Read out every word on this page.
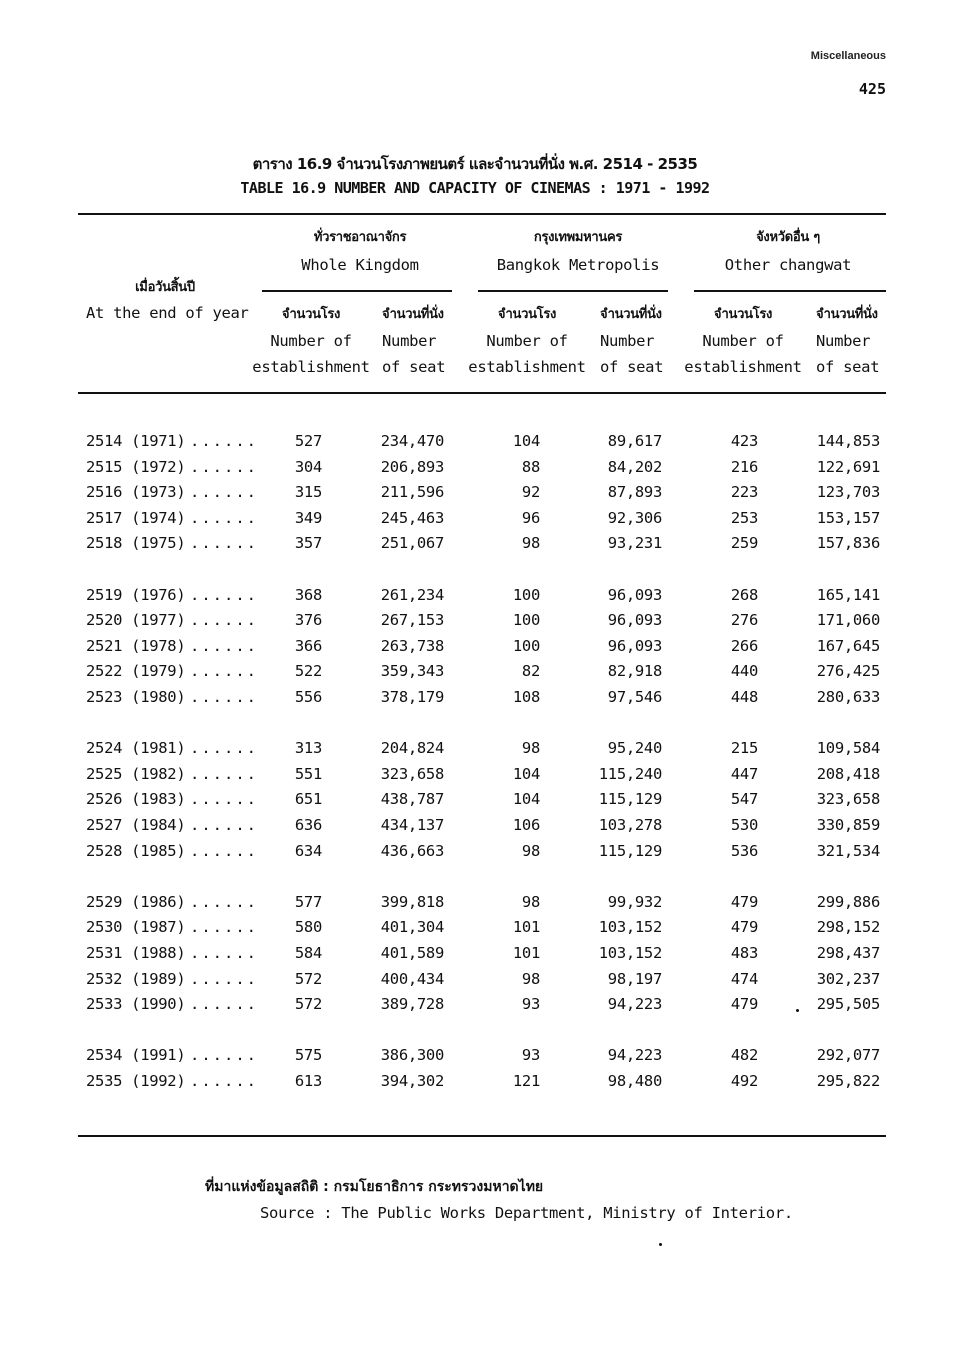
Miscellaneous
425
ตาราง 16.9 จำนวนโรงภาพยนตร์ และจำนวนที่นั่ง พ.ศ. 2514 - 2535
TABLE 16.9 NUMBER AND CAPACITY OF CINEMAS : 1971 - 1992
ทั่วราชอาณาจักร
Whole Kingdom
กรุงเทพมหานคร
Bangkok Metropolis
จังหวัดอื่น ๆ
Other changwat
เมื่อวันสิ้นปี
At the end of year	จำนวนโรง
Number of
establishment
จำนวนที่นั่ง
Number
of seat
จำนวนโรง
Number of
establishment
จำนวนที่นั่ง
Number
of seat
จำนวนโรง
Number of
establishment
จำนวนที่นั่ง
Number
of seat
2514 (1971) ...... 527	234,470	104	89,617	423	144,853
2515 (1972) ...... 304	206,893	88	84,202	216	122,691
2516 (1973) ...... 315	211,596	92	87,893	223	123,703
2517 (1974) ...... 349	245,463	96	92,306	253	153,157
2518 (1975) ...... 357	251,067	98	93,231	259	157,836
2519 (1976) ...... 368	261,234	100	96,093	268	165,141
2520 (1977) ...... 376	267,153	100	96,093	276	171,060
2521 (1978) ...... 366	263,738	100	96,093	266	167,645
2522 (1979) ...... 522	359,343	82	82,918	440	276,425
2523 (1980) ...... 556	378,179	108	97,546	448	280,633
2524 (1981) ...... 313	204,824	98	95,240	215	109,584
2525 (1982) ...... 551	323,658	104	115,240	447	208,418
2526 (1983) ...... 651	438,787	104	115,129	547	323,658
2527 (1984) ...... 636	434,137	106	103,278	530	330,859
2528 (1985) ...... 634	436,663	98	115,129	536	321,534
2529 (1986) ...... 577	399,818	98	99,932	479	299,886
2530 (1987) ...... 580	401,304	101	103,152	479	298,152
2531 (1988) ...... 584	401,589	101	103,152	483	298,437
2532 (1989) ...... 572	400,434	98	98,197	474	302,237
2533 (1990) ...... 572	389,728	93	94,223	479	295,505
2534 (1991) ...... 575	386,300	93	94,223	482	292,077
2535 (1992) ...... 613	394,302	121	98,480	492	295,822
ที่มาแห่งข้อมูลสถิติ : กรมโยธาธิการ กระทรวงมหาดไทย
Source : The Public Works Department, Ministry of Interior.
